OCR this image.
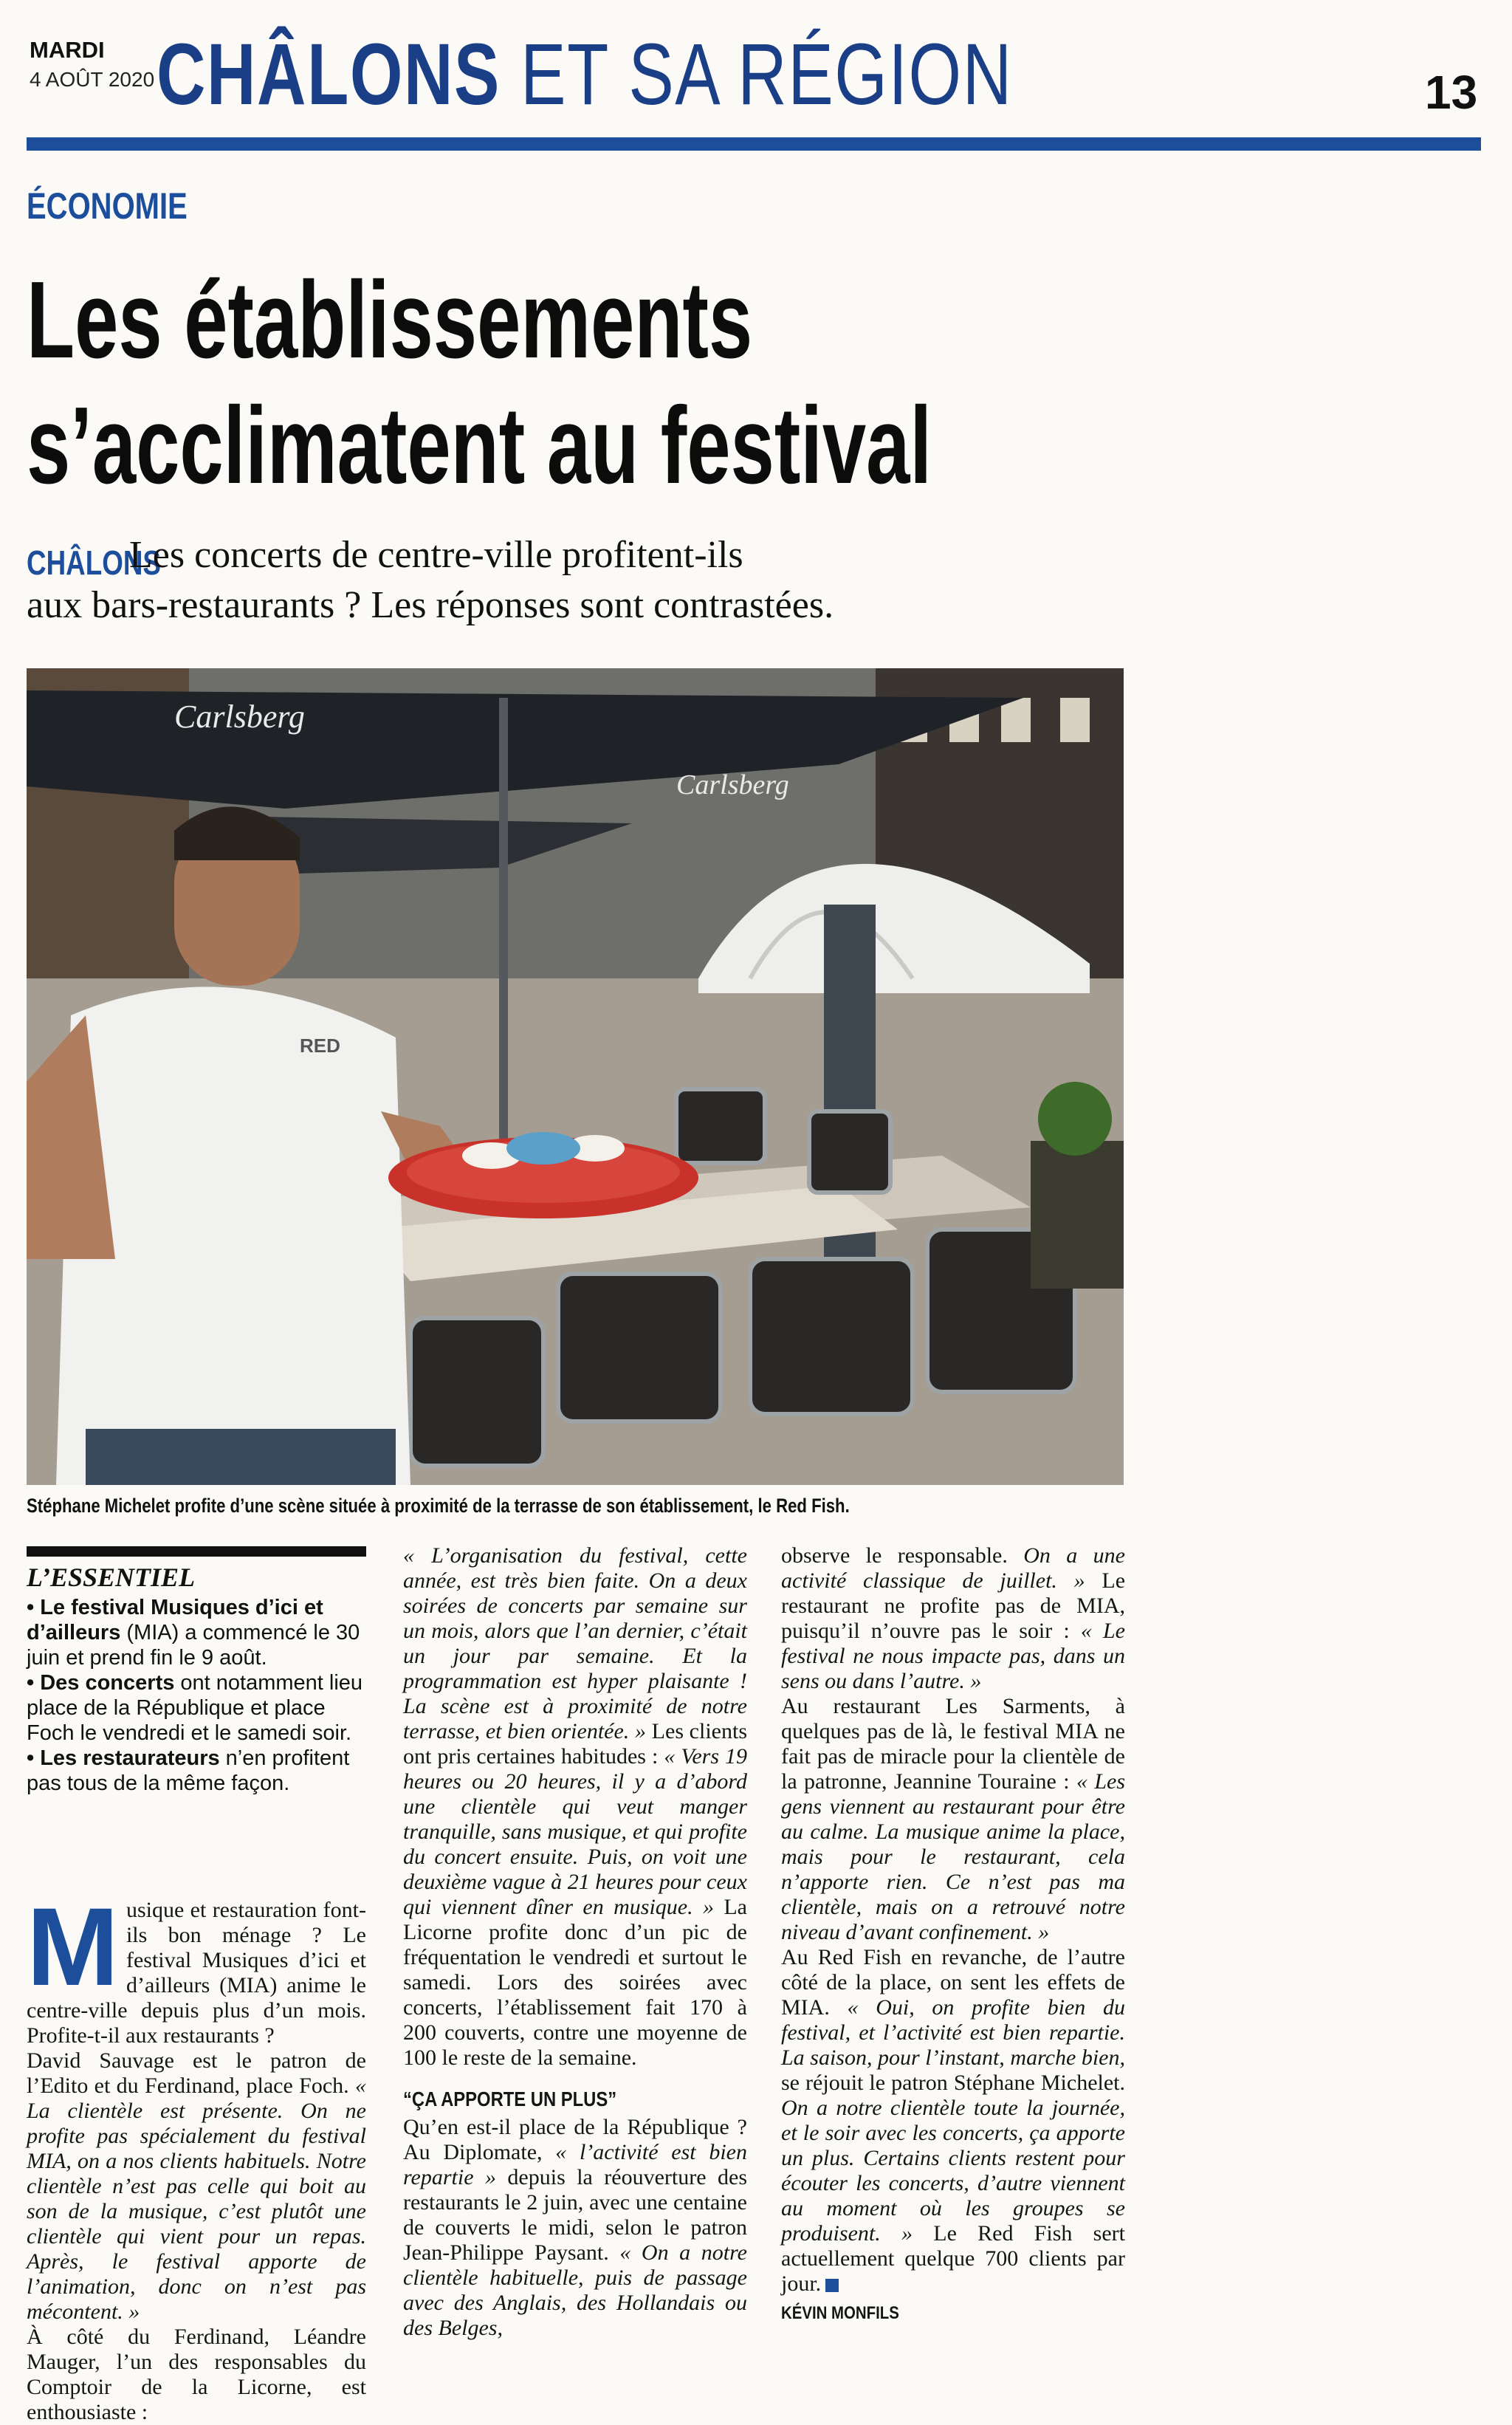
MARDI
4 AOÛT 2020 CHÂLONS ET SA RÉGION	13
ÉCONOMIE
Les établissements
s’acclimatent au festival
CHÂLONS
Les concerts de centre-ville profitent-ils
aux bars-restaurants ? Les réponses sont contrastées.
Carlsberg
Carlsberg
RED
Stéphane Michelet profite d’une scène située à proximité de la terrasse de son établissement, le Red Fish.
L’ESSENTIEL
• Le festival Musiques d’ici et d’ailleurs (MIA) a commencé le 30 juin et prend fin le 9 août.
• Des concerts ont notamment lieu place de la République et place Foch le vendredi et le samedi soir.
• Les restaurateurs n’en profitent pas tous de la même façon.

Musique et restauration font-ils bon ménage ? Le festival Musiques d’ici et d’ailleurs (MIA) anime le centre-ville depuis plus d’un mois. Profite-t-il aux restaurants ?

David Sauvage est le patron de l’Edito et du Ferdinand, place Foch. « La clientèle est présente. On ne profite pas spécialement du festival MIA, on a nos clients habituels. Notre clientèle n’est pas celle qui boit au son de la musique, c’est plutôt une clientèle qui vient pour un repas. Après, le festival apporte de l’animation, donc on n’est pas mécontent. »

À côté du Ferdinand, Léandre Mauger, l’un des responsables du Comptoir de la Licorne, est enthousiaste :

« L’organisation du festival, cette année, est très bien faite. On a deux soirées de concerts par semaine sur un mois, alors que l’an dernier, c’était un jour par semaine. Et la programmation est hyper plaisante ! La scène est à proximité de notre terrasse, et bien orientée. » Les clients ont pris certaines habitudes : « Vers 19 heures ou 20 heures, il y a d’abord une clientèle qui veut manger tranquille, sans musique, et qui profite du concert ensuite. Puis, on voit une deuxième vague à 21 heures pour ceux qui viennent dîner en musique. » La Licorne profite donc d’un pic de fréquentation le vendredi et surtout le samedi. Lors des soirées avec concerts, l’établissement fait 170 à 200 couverts, contre une moyenne de 100 le reste de la semaine.

“ÇA APPORTE UN PLUS”

Qu’en est-il place de la République ? Au Diplomate, « l’activité est bien repartie » depuis la réouverture des restaurants le 2 juin, avec une centaine de couverts le midi, selon le patron Jean-Philippe Paysant. « On a notre clientèle habituelle, puis de passage avec des Anglais, des Hollandais ou des Belges,

observe le responsable. On a une activité classique de juillet. » Le restaurant ne profite pas de MIA, puisqu’il n’ouvre pas le soir : « Le festival ne nous impacte pas, dans un sens ou dans l’autre. »

Au restaurant Les Sarments, à quelques pas de là, le festival MIA ne fait pas de miracle pour la clientèle de la patronne, Jeannine Touraine : « Les gens viennent au restaurant pour être au calme. La musique anime la place, mais pour le restaurant, cela n’apporte rien. Ce n’est pas ma clientèle, mais on a retrouvé notre niveau d’avant confinement. »

Au Red Fish en revanche, de l’autre côté de la place, on sent les effets de MIA. « Oui, on profite bien du festival, et l’activité est bien repartie. La saison, pour l’instant, marche bien, se réjouit le patron Stéphane Michelet. On a notre clientèle toute la journée, et le soir avec les concerts, ça apporte un plus. Certains clients restent pour écouter les concerts, d’autre viennent au moment où les groupes se produisent. » Le Red Fish sert actuellement quelque 700 clients par jour.

KÉVIN MONFILS
